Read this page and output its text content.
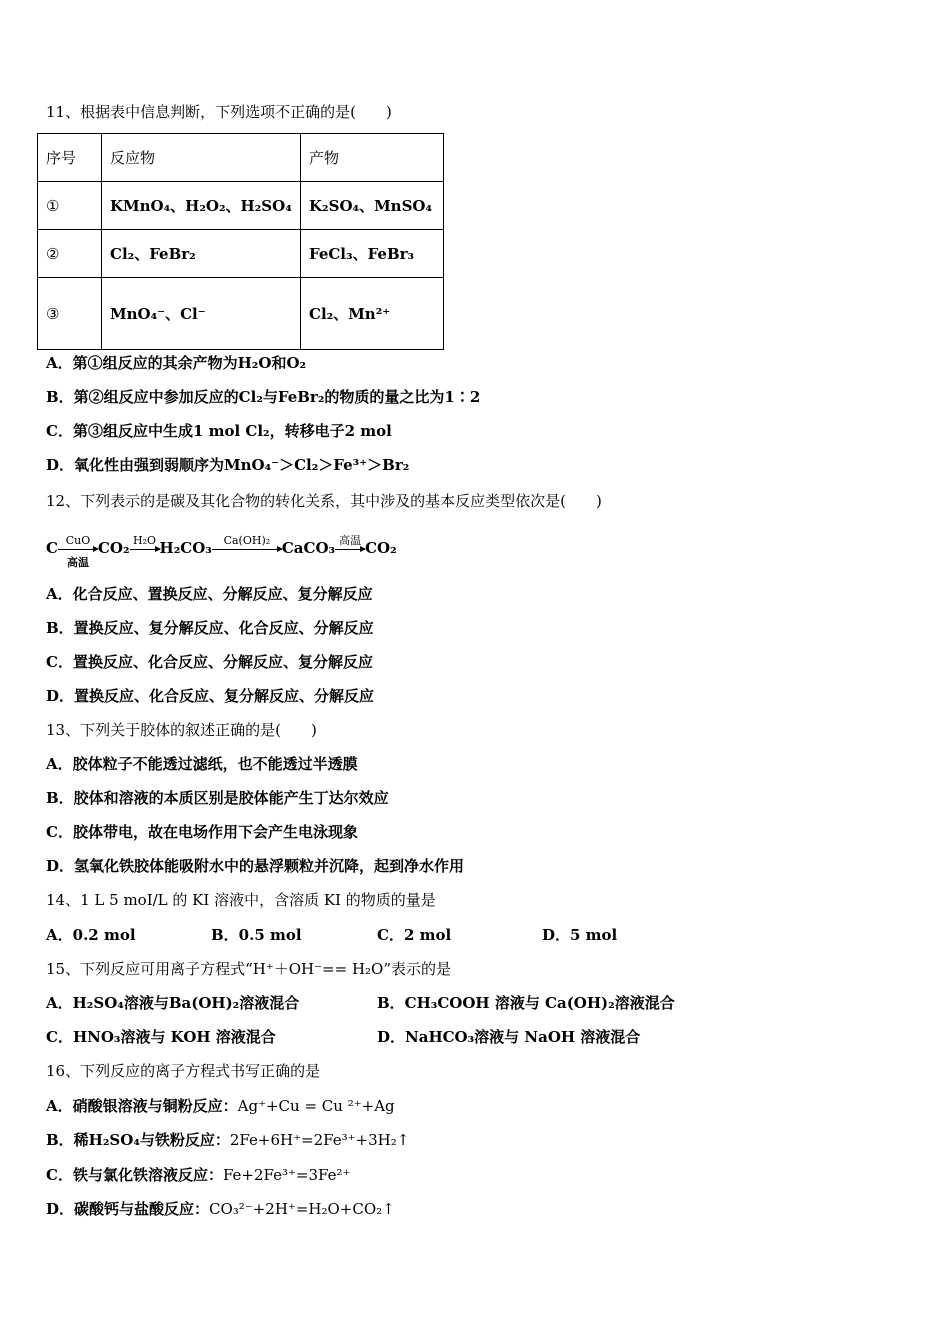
11、根据表中信息判断，下列选项不正确的是(　　)
序号	反应物	产物
①	KMnO₄、H₂O₂、H₂SO₄	K₂SO₄、MnSO₄
②	Cl₂、FeBr₂	FeCl₃、FeBr₃
③	MnO₄⁻、Cl⁻	Cl₂、Mn²⁺
A．第①组反应的其余产物为H₂O和O₂
B．第②组反应中参加反应的Cl₂与FeBr₂的物质的量之比为1∶2
C．第③组反应中生成1 mol Cl₂，转移电子2 mol
D．氧化性由强到弱顺序为MnO₄⁻＞Cl₂＞Fe³⁺＞Br₂
12、下列表示的是碳及其化合物的转化关系，其中涉及的基本反应类型依次是(　　)
C CuO
高温
CO₂ H₂O H₂CO₃	Ca(OH)₂ CaCO₃ 高温 CO₂
A．化合反应、置换反应、分解反应、复分解反应
B．置换反应、复分解反应、化合反应、分解反应
C．置换反应、化合反应、分解反应、复分解反应
D．置换反应、化合反应、复分解反应、分解反应
13、下列关于胶体的叙述正确的是(　　)
A．胶体粒子不能透过滤纸，也不能透过半透膜
B．胶体和溶液的本质区别是胶体能产生丁达尔效应
C．胶体带电，故在电场作用下会产生电泳现象
D．氢氧化铁胶体能吸附水中的悬浮颗粒并沉降，起到净水作用
14、1 L 5 moI/L 的 KI 溶液中，含溶质 KI 的物质的量是
A．0.2 mol	B．0.5 mol	C．2 mol	D．5 mol
15、下列反应可用离子方程式“H⁺＋OH⁻== H₂O”表示的是
A．H₂SO₄溶液与Ba(OH)₂溶液混合	B．CH₃COOH 溶液与 Ca(OH)₂溶液混合
C．HNO₃溶液与 KOH 溶液混合	D．NaHCO₃溶液与 NaOH 溶液混合
16、下列反应的离子方程式书写正确的是
A．硝酸银溶液与铜粉反应：Ag⁺+Cu = Cu ²⁺+Ag
B．稀H₂SO₄与铁粉反应：2Fe+6H⁺=2Fe³⁺+3H₂↑
C．铁与氯化铁溶液反应：Fe+2Fe³⁺=3Fe²⁺
D．碳酸钙与盐酸反应：CO₃²⁻+2H⁺=H₂O+CO₂↑
